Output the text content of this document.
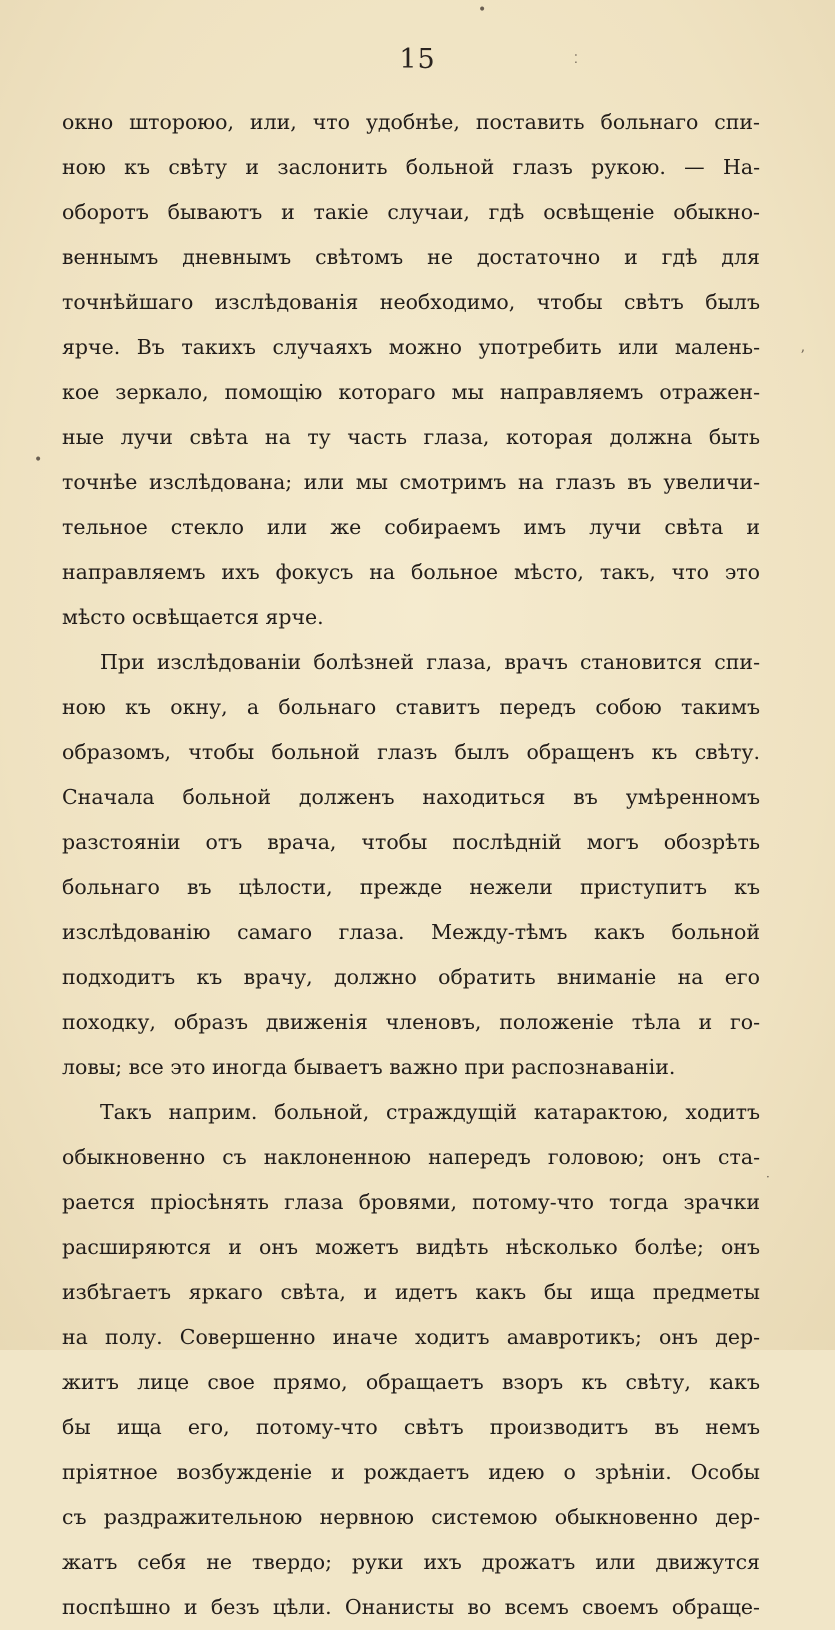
•
15	⁚
окно штороюо, или, что удобнѣе, поставить больнаго спи-
ною къ свѣту и заслонить больной глазъ рукою. — На-
оборотъ бываютъ и такіе случаи, гдѣ освѣщеніе обыкно-
веннымъ дневнымъ свѣтомъ не достаточно и гдѣ для
точнѣйшаго изслѣдованія необходимо, чтобы свѣтъ былъ
ярче. Въ такихъ случаяхъ можно употребить или малень-
кое зеркало, помощію котораго мы направляемъ отражен-
ные лучи свѣта на ту часть глаза, которая должна быть
точнѣе изслѣдована; или мы смотримъ на глазъ въ увеличи-
тельное стекло или же собираемъ имъ лучи свѣта и
направляемъ ихъ фокусъ на больное мѣсто, такъ, что это
мѣсто освѣщается ярче.
При изслѣдованіи болѣзней глаза, врачъ становится спи-
ною къ окну, а больнаго ставитъ передъ собою такимъ
образомъ, чтобы больной глазъ былъ обращенъ къ свѣту.
Сначала больной долженъ находиться въ умѣренномъ
разстояніи отъ врача, чтобы послѣдній могъ обозрѣть
больнаго въ цѣлости, прежде нежели приступитъ къ
изслѣдованію самаго глаза. Между-тѣмъ какъ больной
подходитъ къ врачу, должно обратить вниманіе на его
походку, образъ движенія членовъ, положеніе тѣла и го-
ловы; все это иногда бываетъ важно при распознаваніи.
Такъ наприм. больной, страждущій катарактою, ходитъ
обыкновенно съ наклоненною напередъ головою; онъ ста-
рается пріосѣнять глаза бровями, потому-что тогда зрачки
расширяются и онъ можетъ видѣть нѣсколько болѣе; онъ
избѣгаетъ яркаго свѣта, и идетъ какъ бы ища предметы
на полу. Совершенно иначе ходитъ амавротикъ; онъ дер-
житъ лице свое прямо, обращаетъ взоръ къ свѣту, какъ
бы ища его, потому-что свѣтъ производитъ въ немъ
пріятное возбужденіе и рождаетъ идею о зрѣніи. Особы
съ раздражительною нервною системою обыкновенно дер-
жатъ себя не твердо; руки ихъ дрожатъ или движутся
поспѣшно и безъ цѣли. Онанисты во всемъ своемъ обраще-
ʼ
•
·
